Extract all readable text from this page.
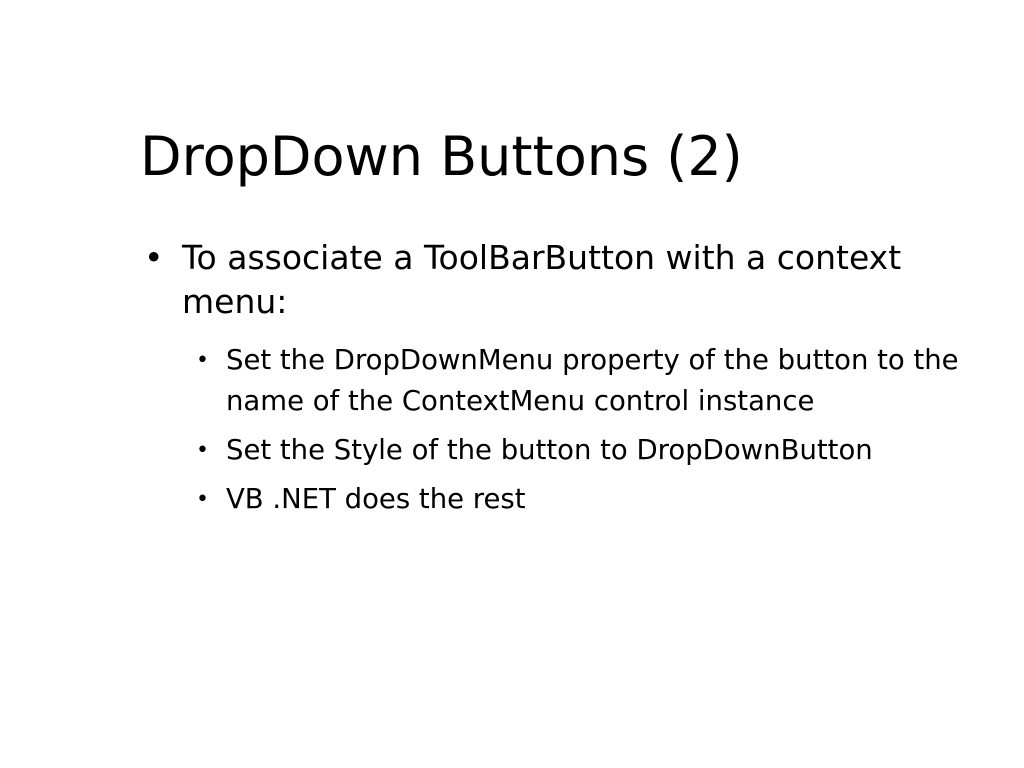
DropDown Buttons (2)
• To associate a ToolBarButton with a context menu:
• Set the DropDownMenu property of the button to the name of the ContextMenu control instance
• Set the Style of the button to DropDownButton
• VB .NET does the rest
